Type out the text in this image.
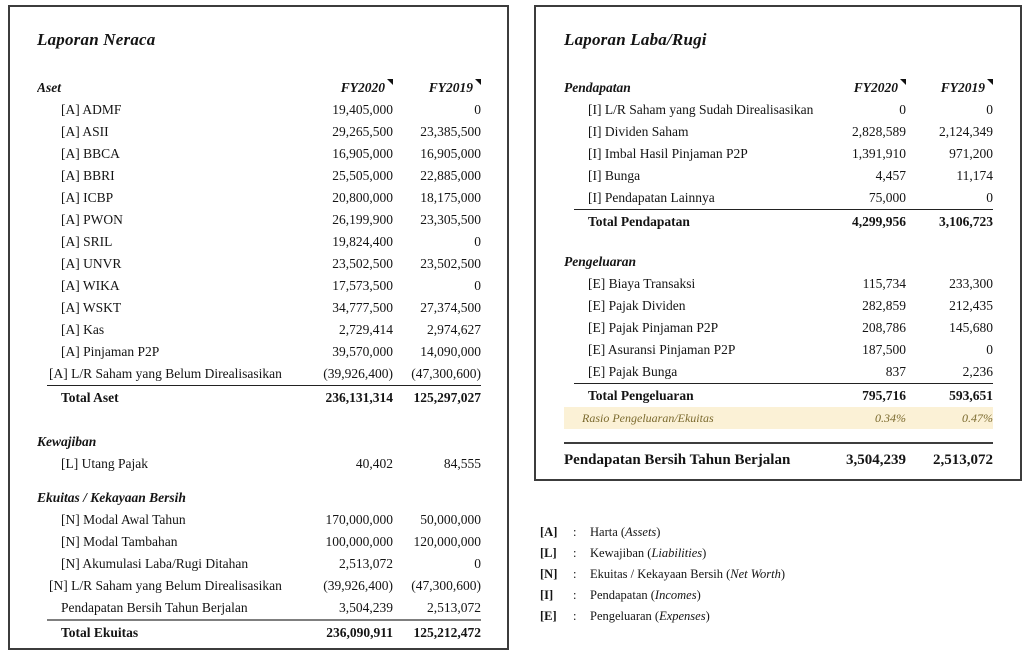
Laporan Neraca
Aset	FY2020	FY2019
[A] ADMF	19,405,000	0
[A] ASII	29,265,500	23,385,500
[A] BBCA	16,905,000	16,905,000
[A] BBRI	25,505,000	22,885,000
[A] ICBP	20,800,000	18,175,000
[A] PWON	26,199,900	23,305,500
[A] SRIL	19,824,400	0
[A] UNVR	23,502,500	23,502,500
[A] WIKA	17,573,500	0
[A] WSKT	34,777,500	27,374,500
[A] Kas	2,729,414	2,974,627
[A] Pinjaman P2P	39,570,000	14,090,000
[A] L/R Saham yang Belum Direalisasikan	(39,926,400)	(47,300,600)
Total Aset	236,131,314	125,297,027
Kewajiban
[L] Utang Pajak	40,402	84,555
Ekuitas / Kekayaan Bersih
[N] Modal Awal Tahun	170,000,000	50,000,000
[N] Modal Tambahan	100,000,000	120,000,000
[N] Akumulasi Laba/Rugi Ditahan	2,513,072	0
[N] L/R Saham yang Belum Direalisasikan	(39,926,400)	(47,300,600)
Pendapatan Bersih Tahun Berjalan	3,504,239	2,513,072
Total Ekuitas	236,090,911	125,212,472
Laporan Laba/Rugi
Pendapatan	FY2020	FY2019
[I] L/R Saham yang Sudah Direalisasikan	0	0
[I] Dividen Saham	2,828,589	2,124,349
[I] Imbal Hasil Pinjaman P2P	1,391,910	971,200
[I] Bunga	4,457	11,174
[I] Pendapatan Lainnya	75,000	0
Total Pendapatan	4,299,956	3,106,723
Pengeluaran
[E] Biaya Transaksi	115,734	233,300
[E] Pajak Dividen	282,859	212,435
[E] Pajak Pinjaman P2P	208,786	145,680
[E] Asuransi Pinjaman P2P	187,500	0
[E] Pajak Bunga	837	2,236
Total Pengeluaran	795,716	593,651
Rasio Pengeluaran/Ekuitas	0.34%	0.47%
Pendapatan Bersih Tahun Berjalan	3,504,239	2,513,072
[A]	:	Harta ( Assets )
[L]	:	Kewajiban ( Liabilities )
[N]	:	Ekuitas / Kekayaan Bersih ( Net Worth )
[I]	:	Pendapatan ( Incomes )
[E]	:	Pengeluaran ( Expenses )
